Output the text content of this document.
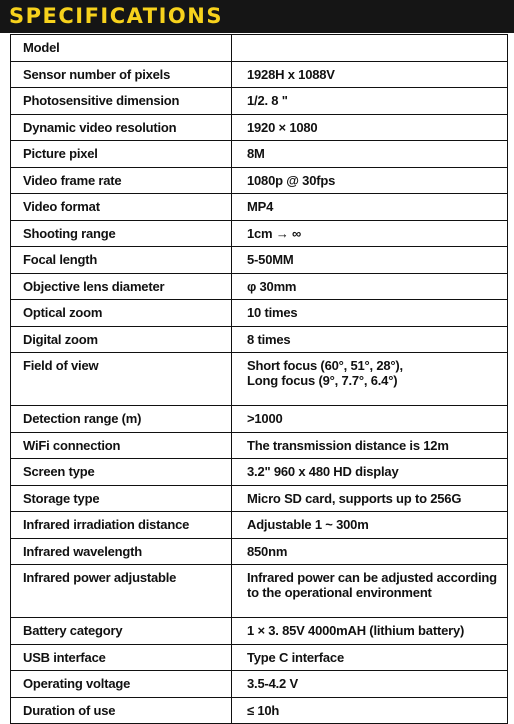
SPECIFICATIONS
Model	
Sensor number of pixels	1928H x 1088V
Photosensitive dimension	1/2. 8 "
Dynamic video resolution	1920 × 1080
Picture pixel	8M
Video frame rate	1080p @ 30fps
Video format	MP4
Shooting range	1cm → ∞
Focal length	5-50MM
Objective lens diameter	φ 30mm
Optical zoom	10 times
Digital zoom	8 times
Field of view	Short focus (60°, 51°, 28°),
Long focus (9°, 7.7°, 6.4°)

Detection range (m)	>1000
WiFi connection	The transmission distance is 12m
Screen type	3.2" 960 x 480 HD display
Storage type	Micro SD card, supports up to 256G
Infrared irradiation distance	Adjustable 1 ~ 300m
Infrared wavelength	850nm
Infrared power adjustable	Infrared power can be adjusted according
to the operational environment

Battery category	1 × 3. 85V 4000mAH (lithium battery)
USB interface	Type C interface
Operating voltage	3.5-4.2 V
Duration of use	≤ 10h
